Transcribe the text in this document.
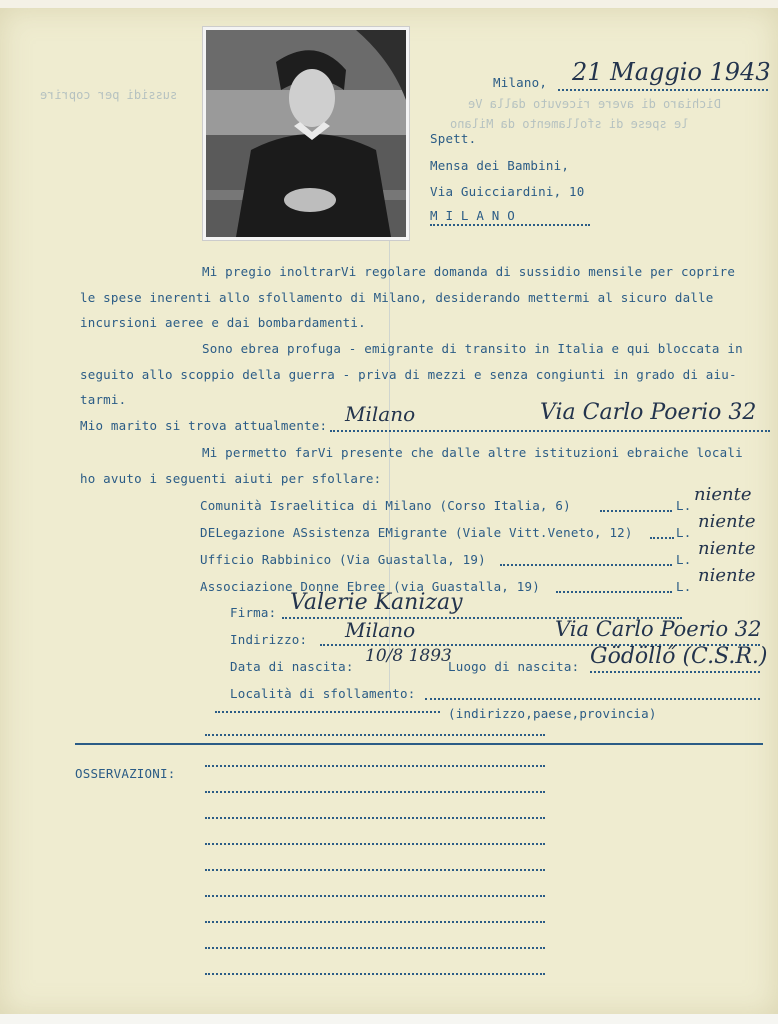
sussidi per coprire
Dichiaro di avere ricevuto dalla Ve
le spese di sfollamento da Milano
Milano, 21 Maggio 1943
Spett.
Mensa dei Bambini,
Via Guicciardini, 10
M I L A N O
Mi pregio inoltrarVi regolare domanda di sussidio mensile per coprire
le spese inerenti allo sfollamento di Milano, desiderando mettermi al sicuro dalle
incursioni aeree e dai bombardamenti.
Sono ebrea profuga - emigrante di transito in Italia e qui bloccata in
seguito allo scoppio della guerra - priva di mezzi e senza congiunti in grado di aiu-
tarmi.
Mio marito si trova attualmente: Milano	Via Carlo Poerio 32
Mi permetto farVi presente che dalle altre istituzioni ebraiche locali
ho avuto i seguenti aiuti per sfollare:
Comunità Israelitica di Milano (Corso Italia, 6)	L.
niente
DELegazione ASsistenza EMigrante (Viale Vitt.Veneto, 12)	L.
niente
Ufficio Rabbinico (Via Guastalla, 19)	L.
niente
Associazione Donne Ebree (via Guastalla, 19)	L.
niente
Firma: Valerie Kanizay
Indirizzo: Milano	Via Carlo Poerio 32
Data di nascita:
10/8 1893
Luogo di nascita: Gödöllő (C.S.R.)
Località di sfollamento:
(indirizzo,paese,provincia)
OSSERVAZIONI:
